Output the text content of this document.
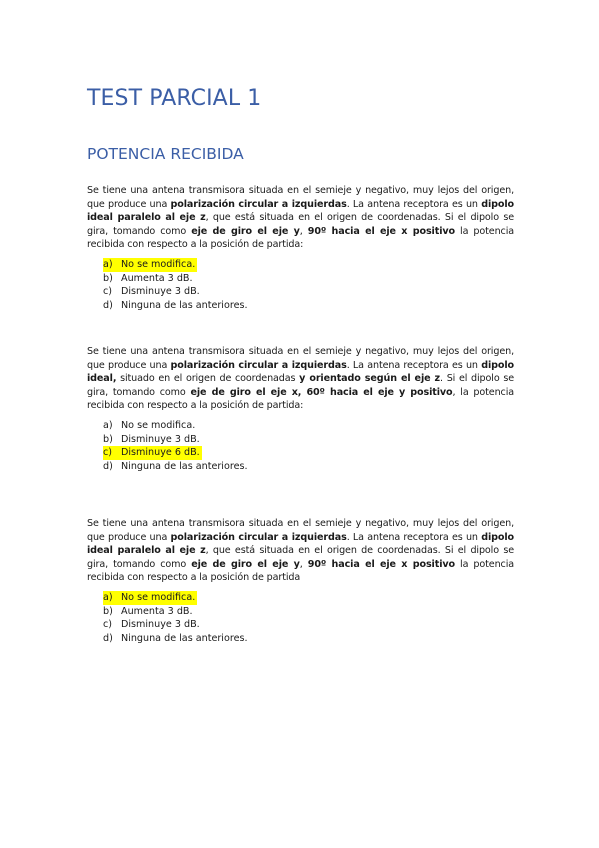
TEST PARCIAL 1
POTENCIA RECIBIDA

Se tiene una antena transmisora situada en el semieje y negativo, muy lejos del origen, que produce una polarización circular a izquierdas. La antena receptora es un dipolo ideal paralelo al eje z, que está situada en el origen de coordenadas. Si el dipolo se gira, tomando como eje de giro el eje y, 90º hacia el eje x positivo la potencia recibida con respecto a la posición de partida:

a) No se modifica.
b) Aumenta 3 dB.
c) Disminuye 3 dB.
d) Ninguna de las anteriores.

Se tiene una antena transmisora situada en el semieje y negativo, muy lejos del origen, que produce una polarización circular a izquierdas. La antena receptora es un dipolo ideal, situado en el origen de coordenadas y orientado según el eje z. Si el dipolo se gira, tomando como eje de giro el eje x, 60º hacia el eje y positivo, la potencia recibida con respecto a la posición de partida:

a) No se modifica.
b) Disminuye 3 dB.
c) Disminuye 6 dB.
d) Ninguna de las anteriores.

Se tiene una antena transmisora situada en el semieje y negativo, muy lejos del origen, que produce una polarización circular a izquierdas. La antena receptora es un dipolo ideal paralelo al eje z, que está situada en el origen de coordenadas. Si el dipolo se gira, tomando como eje de giro el eje y, 90º hacia el eje x positivo la potencia recibida con respecto a la posición de partida

a) No se modifica.
b) Aumenta 3 dB.
c) Disminuye 3 dB.
d) Ninguna de las anteriores.
